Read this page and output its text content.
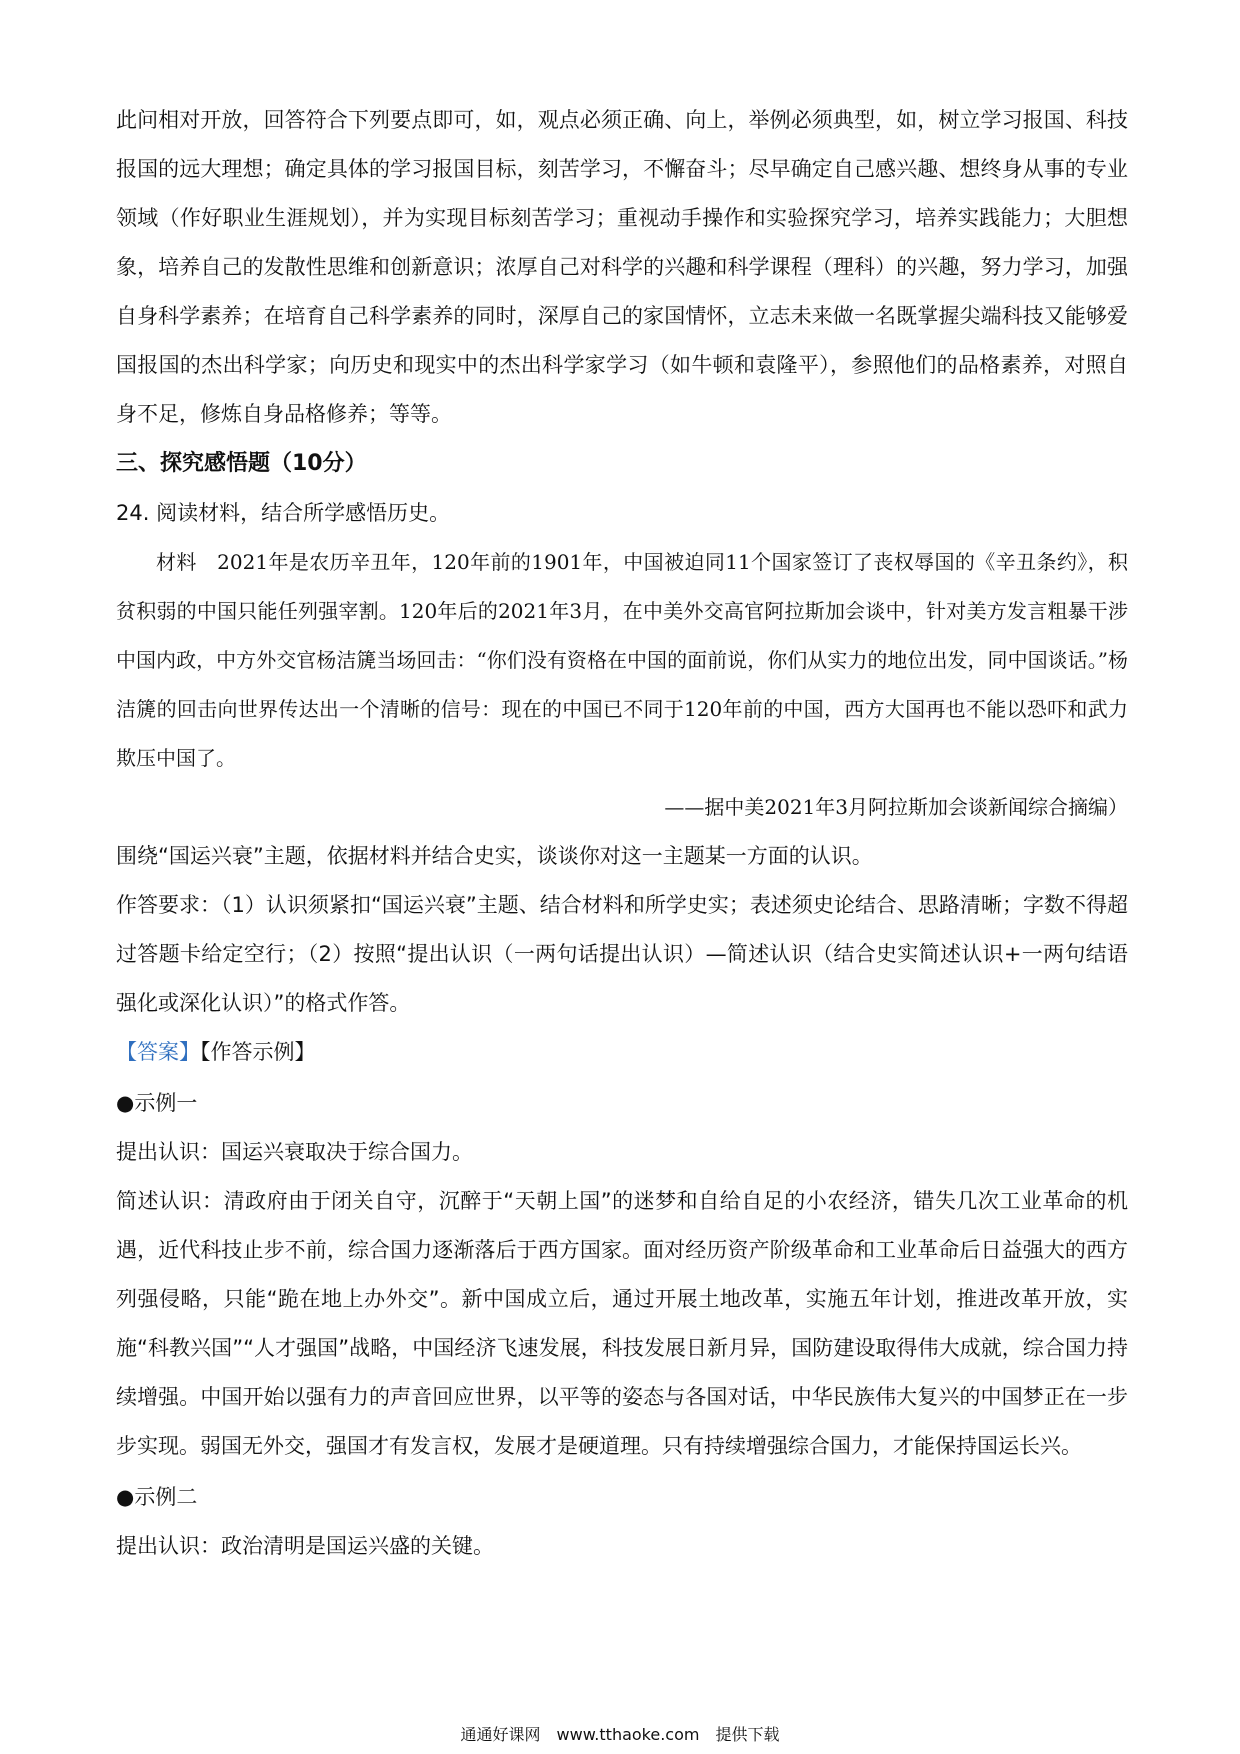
此问相对开放，回答符合下列要点即可，如，观点必须正确、向上，举例必须典型，如，树立学习报国、科技报国的远大理想；确定具体的学习报国目标，刻苦学习，不懈奋斗；尽早确定自己感兴趣、想终身从事的专业领域（作好职业生涯规划），并为实现目标刻苦学习；重视动手操作和实验探究学习，培养实践能力；大胆想象，培养自己的发散性思维和创新意识；浓厚自己对科学的兴趣和科学课程（理科）的兴趣，努力学习，加强自身科学素养；在培育自己科学素养的同时，深厚自己的家国情怀，立志未来做一名既掌握尖端科技又能够爱国报国的杰出科学家；向历史和现实中的杰出科学家学习（如牛顿和袁隆平），参照他们的品格素养，对照自身不足，修炼自身品格修养；等等。

三、探究感悟题（10分）

24. 阅读材料，结合所学感悟历史。

材料　2021年是农历辛丑年，120年前的1901年，中国被迫同11个国家签订了丧权辱国的《辛丑条约》，积贫积弱的中国只能任列强宰割。120年后的2021年3月，在中美外交高官阿拉斯加会谈中，针对美方发言粗暴干涉中国内政，中方外交官杨洁篪当场回击：“你们没有资格在中国的面前说，你们从实力的地位出发，同中国谈话。”杨洁篪的回击向世界传达出一个清晰的信号：现在的中国已不同于120年前的中国，西方大国再也不能以恐吓和武力欺压中国了。

——据中美2021年3月阿拉斯加会谈新闻综合摘编）

围绕“国运兴衰”主题，依据材料并结合史实，谈谈你对这一主题某一方面的认识。

作答要求：（1）认识须紧扣“国运兴衰”主题、结合材料和所学史实；表述须史论结合、思路清晰；字数不得超过答题卡给定空行；（2）按照“提出认识（一两句话提出认识）—简述认识（结合史实简述认识+一两句结语强化或深化认识）”的格式作答。

【答案】【作答示例】

●示例一

提出认识：国运兴衰取决于综合国力。

简述认识：清政府由于闭关自守，沉醉于“天朝上国”的迷梦和自给自足的小农经济，错失几次工业革命的机遇，近代科技止步不前，综合国力逐渐落后于西方国家。面对经历资产阶级革命和工业革命后日益强大的西方列强侵略，只能“跪在地上办外交”。新中国成立后，通过开展土地改革，实施五年计划，推进改革开放，实施“科教兴国”“人才强国”战略，中国经济飞速发展，科技发展日新月异，国防建设取得伟大成就，综合国力持续增强。中国开始以强有力的声音回应世界，以平等的姿态与各国对话，中华民族伟大复兴的中国梦正在一步步实现。弱国无外交，强国才有发言权，发展才是硬道理。只有持续增强综合国力，才能保持国运长兴。

●示例二

提出认识：政治清明是国运兴盛的关键。

通通好课网　www.tthaoke.com　提供下载
